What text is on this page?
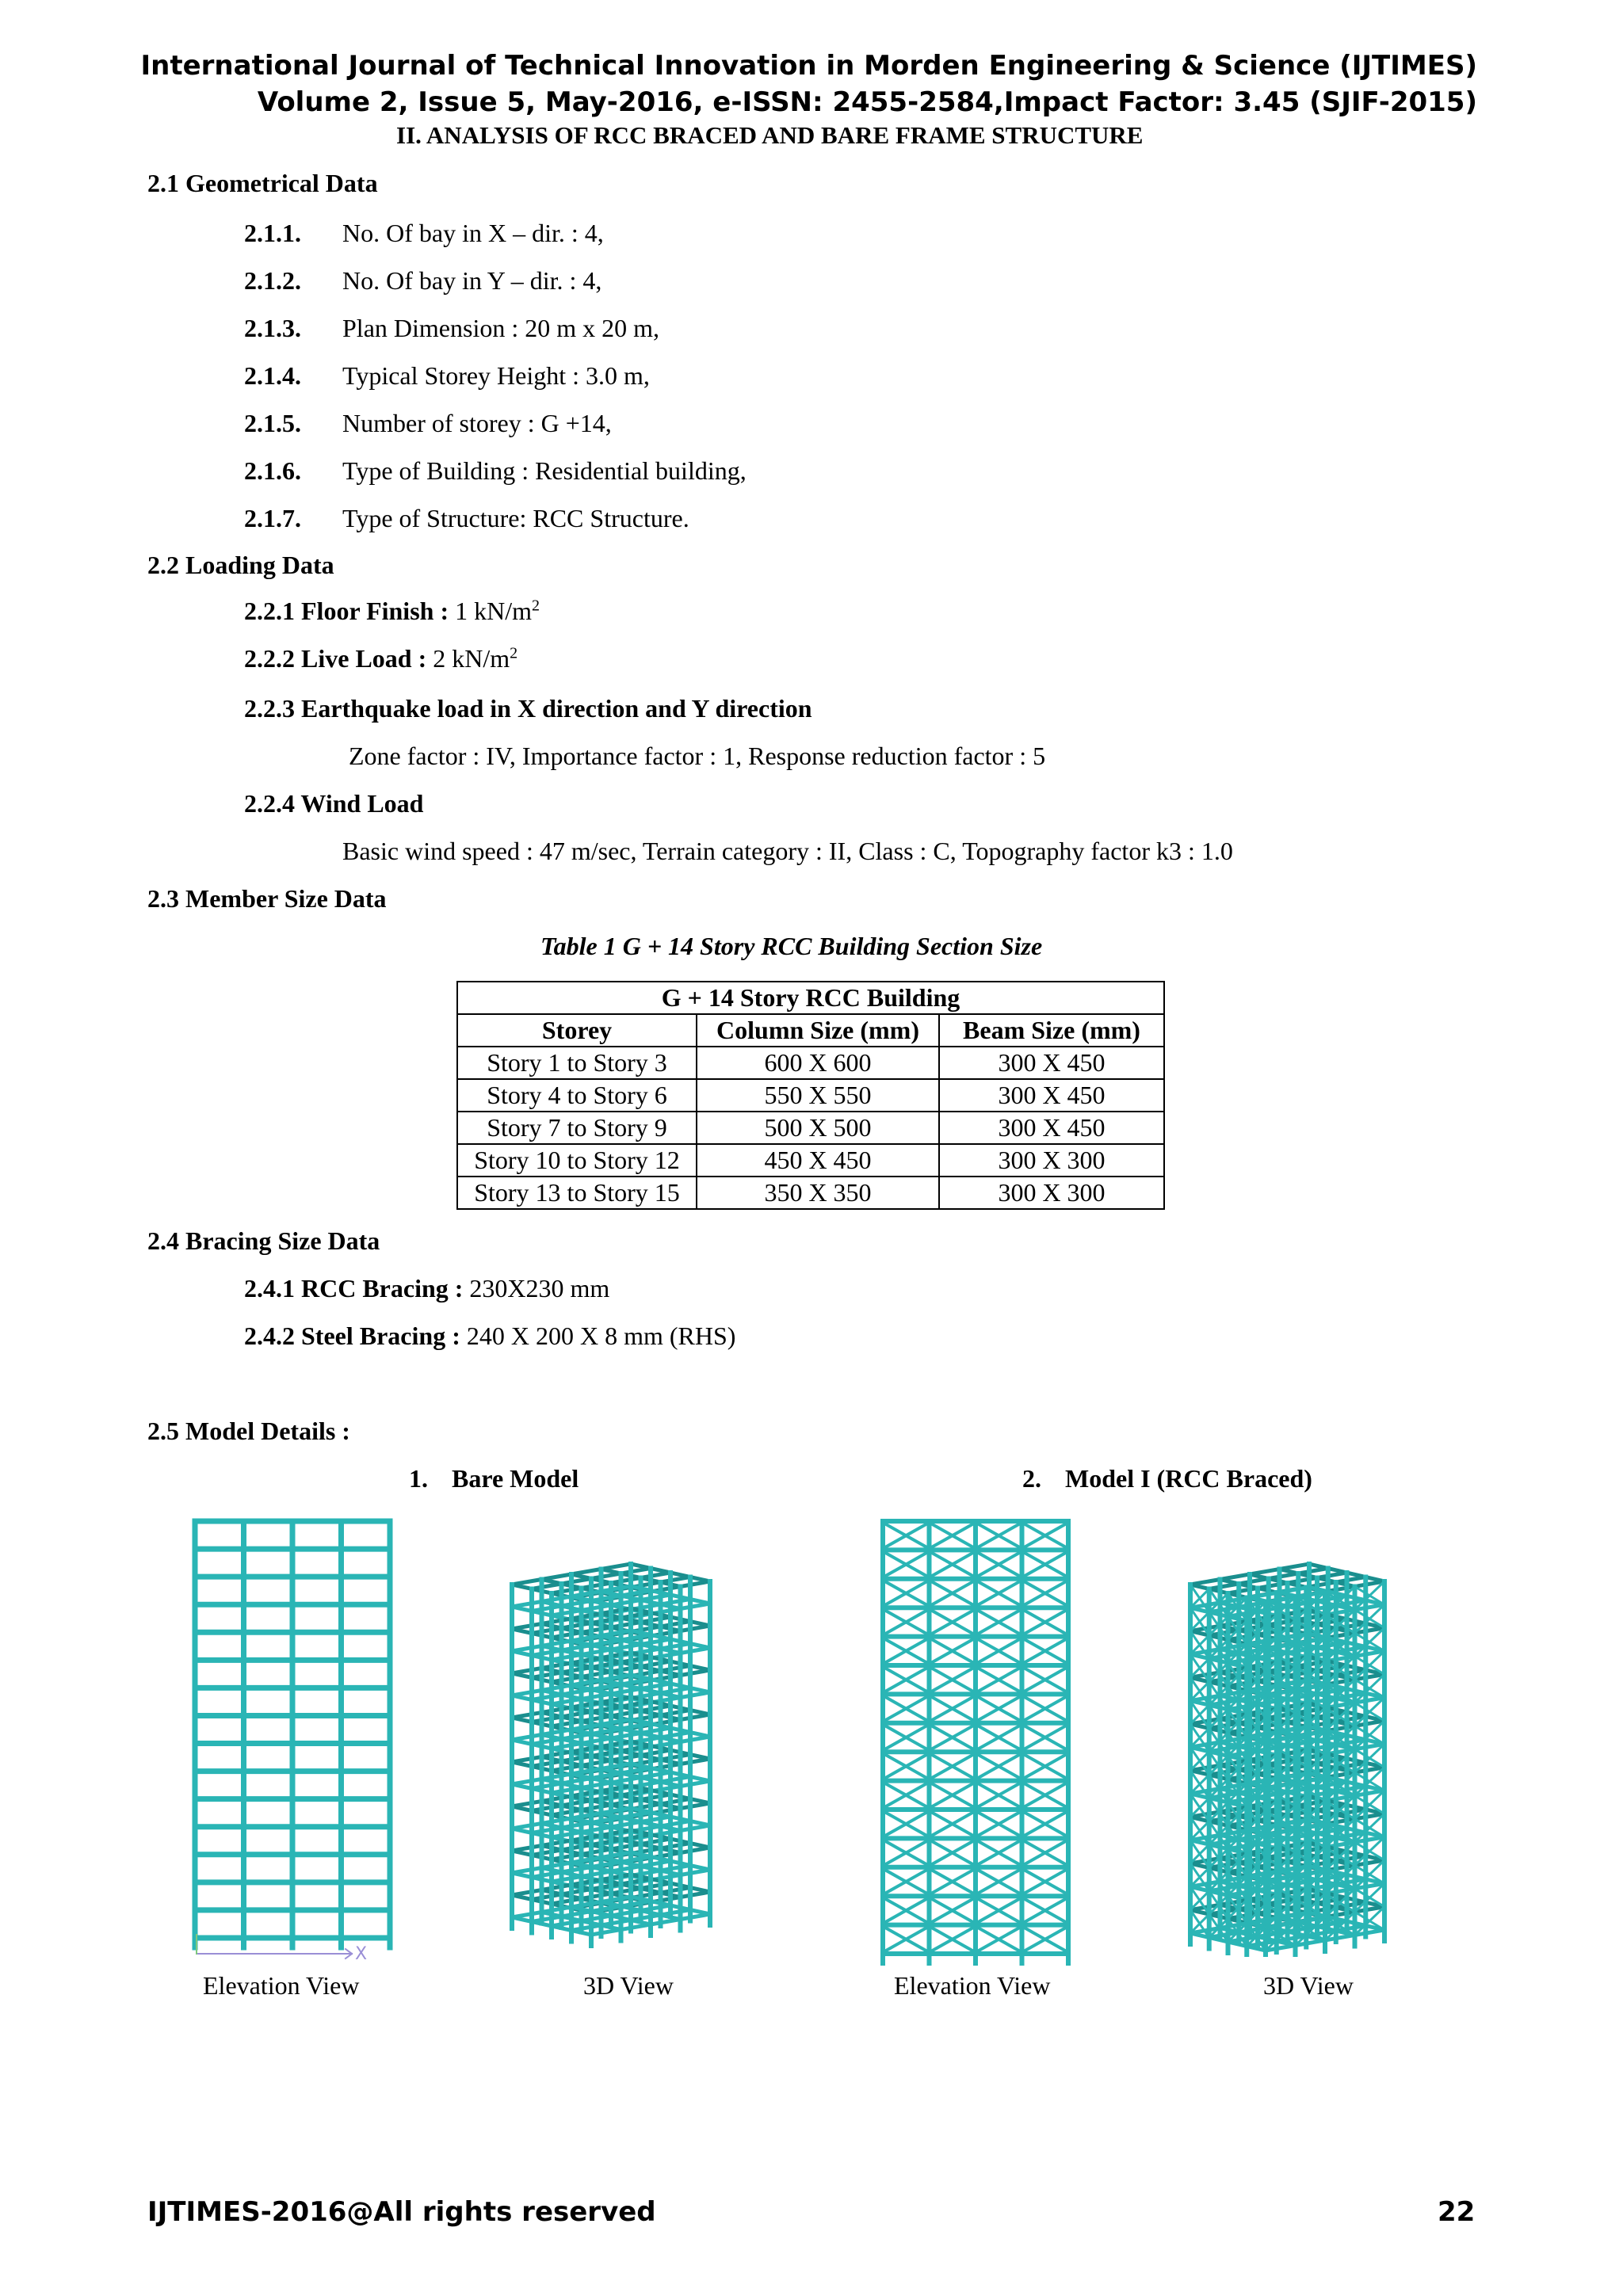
International Journal of Technical Innovation in Morden Engineering & Science (IJTIMES)
Volume 2, Issue 5, May-2016, e-ISSN: 2455-2584,Impact Factor: 3.45 (SJIF-2015)
II. ANALYSIS OF RCC BRACED AND BARE FRAME STRUCTURE
2.1 Geometrical Data
2.1.1. No. Of bay in X – dir. : 4,
2.1.2. No. Of bay in Y – dir. : 4,
2.1.3. Plan Dimension : 20 m x 20 m,
2.1.4. Typical Storey Height : 3.0 m,
2.1.5. Number of storey : G +14,
2.1.6. Type of Building : Residential building,
2.1.7. Type of Structure: RCC Structure.
2.2 Loading Data
2.2.1 Floor Finish : 1 $kN/m^2$
2.2.2 Live Load : 2 $kN/m^2$
2.2.3 Earthquake load in X direction and Y direction
Zone factor : IV, Importance factor : 1, Response reduction factor : 5
2.2.4 Wind Load
Basic wind speed : 47 m/sec, Terrain category : II, Class : C, Topography factor k3 : 1.0
2.3 Member Size Data
Table 1 G + 14 Story RCC Building Section Size
G + 14 Story RCC Building		
Storey	Column Size (mm)	Beam Size (mm)
Story 1 to Story 3	600 X 600	300 X 450
Story 4 to Story 6	550 X 550	300 X 450
Story 7 to Story 9	500 X 500	300 X 450
Story 10 to Story 12	450 X 450	300 X 300
Story 13 to Story 15	350 X 350	300 X 300
2.4 Bracing Size Data
2.4.1 RCC Bracing : 230X230 mm
2.4.2 Steel Bracing : 240 X 200 X 8 mm (RHS)
2.5 Model Details :
1. Bare Model	2. Model I (RCC Braced)
X
Elevation View	3D View	Elevation View	3D View
IJTIMES-2016@All rights reserved	22
